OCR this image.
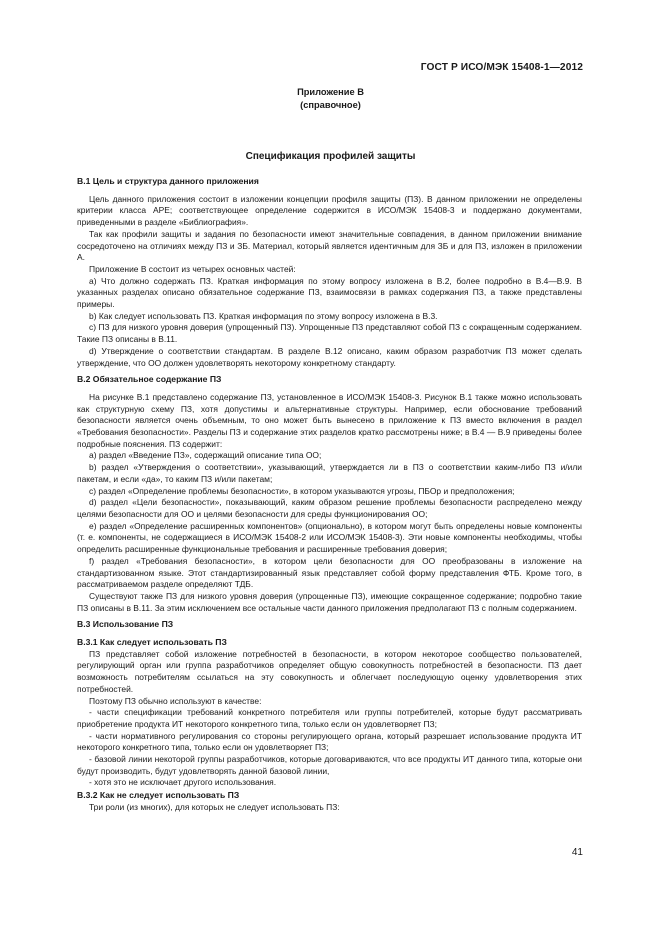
ГОСТ Р ИСО/МЭК 15408-1—2012
Приложение В
(справочное)
Спецификация профилей защиты
В.1 Цель и структура данного приложения

Цель данного приложения состоит в изложении концепции профиля защиты (ПЗ). В данном приложении не определены критерии класса APE; соответствующее определение содержится в ИСО/МЭК 15408-3 и поддержано документами, приведенными в разделе «Библиография».

Так как профили защиты и задания по безопасности имеют значительные совпадения, в данном приложении внимание сосредоточено на отличиях между ПЗ и ЗБ. Материал, который является идентичным для ЗБ и для ПЗ, изложен в приложении А.

Приложение В состоит из четырех основных частей:

a) Что должно содержать ПЗ. Краткая информация по этому вопросу изложена в В.2, более подробно в В.4—В.9. В указанных разделах описано обязательное содержание ПЗ, взаимосвязи в рамках содержания ПЗ, а также представлены примеры.

b) Как следует использовать ПЗ. Краткая информация по этому вопросу изложена в В.3.

c) ПЗ для низкого уровня доверия (упрощенный ПЗ). Упрощенные ПЗ представляют собой ПЗ с сокращенным содержанием. Такие ПЗ описаны в В.11.

d) Утверждение о соответствии стандартам. В разделе В.12 описано, каким образом разработчик ПЗ может сделать утверждение, что ОО должен удовлетворять некоторому конкретному стандарту.

В.2 Обязательное содержание ПЗ

На рисунке В.1 представлено содержание ПЗ, установленное в ИСО/МЭК 15408-3. Рисунок В.1 также можно использовать как структурную схему ПЗ, хотя допустимы и альтернативные структуры. Например, если обоснование требований безопасности является очень объемным, то оно может быть вынесено в приложение к ПЗ вместо включения в раздел «Требования безопасности». Разделы ПЗ и содержание этих разделов кратко рассмотрены ниже; в В.4 — В.9 приведены более подробные пояснения. ПЗ содержит:

a) раздел «Введение ПЗ», содержащий описание типа ОО;

b) раздел «Утверждения о соответствии», указывающий, утверждается ли в ПЗ о соответствии каким-либо ПЗ и/или пакетам, и если «да», то каким ПЗ и/или пакетам;

c) раздел «Определение проблемы безопасности», в котором указываются угрозы, ПБОр и предположения;

d) раздел «Цели безопасности», показывающий, каким образом решение проблемы безопасности распределено между целями безопасности для ОО и целями безопасности для среды функционирования ОО;

e) раздел «Определение расширенных компонентов» (опционально), в котором могут быть определены новые компоненты (т. е. компоненты, не содержащиеся в ИСО/МЭК 15408-2 или ИСО/МЭК 15408-3). Эти новые компоненты необходимы, чтобы определить расширенные функциональные требования и расширенные требования доверия;

f) раздел «Требования безопасности», в котором цели безопасности для ОО преобразованы в изложение на стандартизованном языке. Этот стандартизированный язык представляет собой форму представления ФТБ. Кроме того, в рассматриваемом разделе определяют ТДБ.

Существуют также ПЗ для низкого уровня доверия (упрощенные ПЗ), имеющие сокращенное содержание; подробно такие ПЗ описаны в В.11. За этим исключением все остальные части данного приложения предполагают ПЗ с полным содержанием.

В.3 Использование ПЗ
В.3.1 Как следует использовать ПЗ

ПЗ представляет собой изложение потребностей в безопасности, в котором некоторое сообщество пользователей, регулирующий орган или группа разработчиков определяет общую совокупность потребностей в безопасности. ПЗ дает возможность потребителям ссылаться на эту совокупность и облегчает последующую оценку удовлетворения этих потребностей.

Поэтому ПЗ обычно используют в качестве:

- части спецификации требований конкретного потребителя или группы потребителей, которые будут рассматривать приобретение продукта ИТ некоторого конкретного типа, только если он удовлетворяет ПЗ;

- части нормативного регулирования со стороны регулирующего органа, который разрешает использование продукта ИТ некоторого конкретного типа, только если он удовлетворяет ПЗ;

- базовой линии некоторой группы разработчиков, которые договариваются, что все продукты ИТ данного типа, которые они будут производить, будут удовлетворять данной базовой линии,

- хотя это не исключает другого использования.

В.3.2 Как не следует использовать ПЗ

Три роли (из многих), для которых не следует использовать ПЗ:

41
